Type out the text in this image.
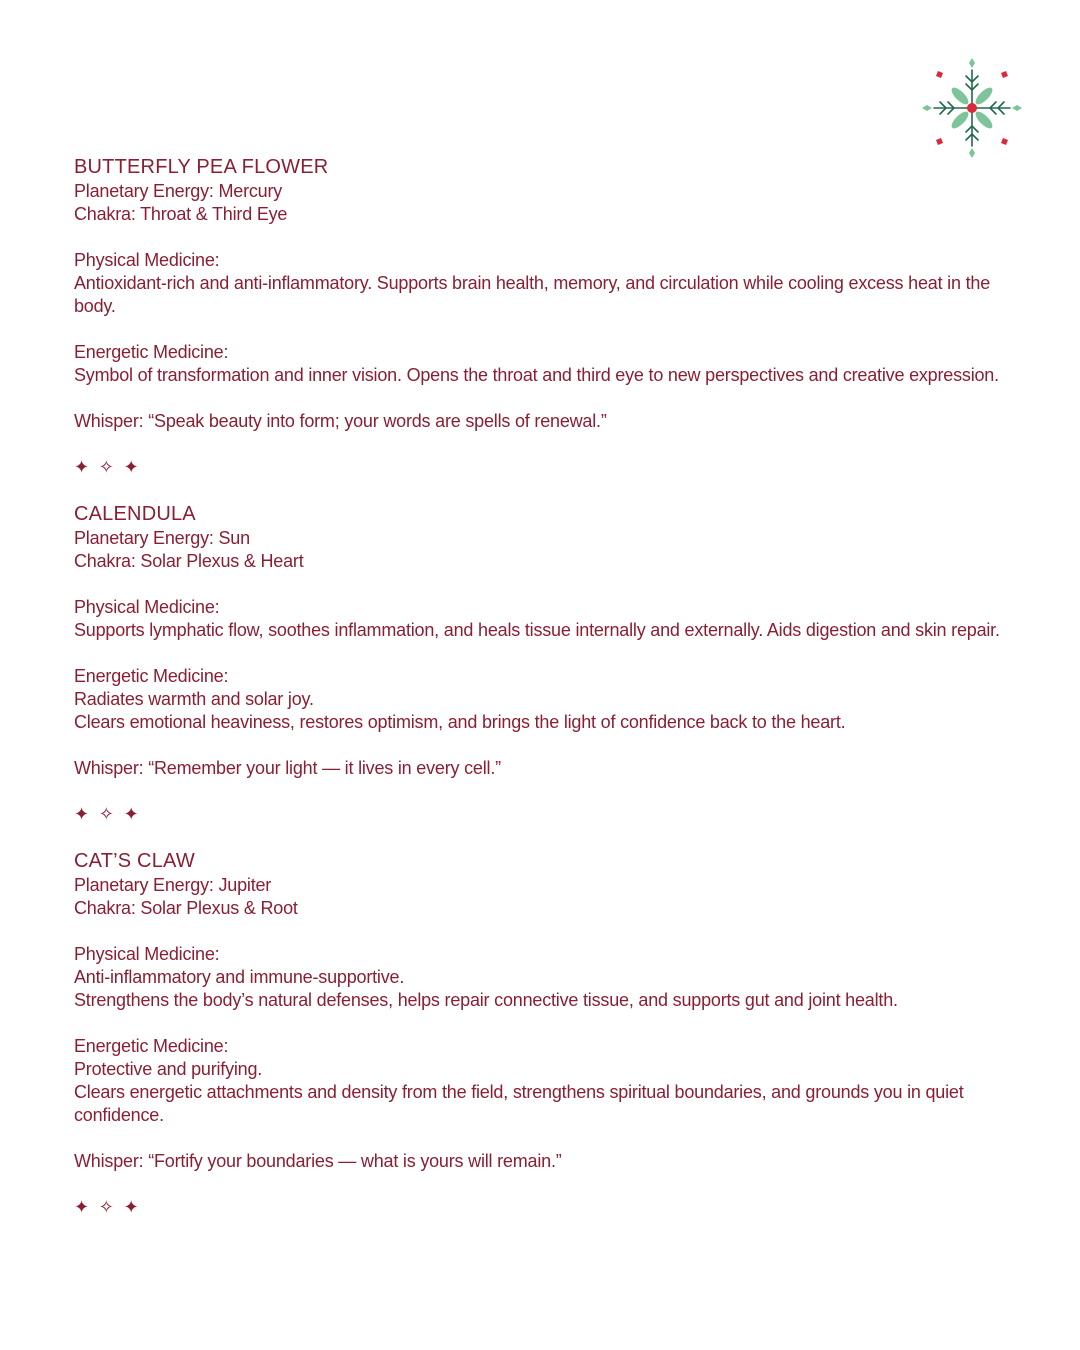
BUTTERFLY PEA FLOWER
Planetary Energy: Mercury
Chakra: Throat & Third Eye
Physical Medicine:
Antioxidant-rich and anti-inflammatory. Supports brain health, memory, and circulation while cooling excess heat in the body.
Energetic Medicine:
Symbol of transformation and inner vision. Opens the throat and third eye to new perspectives and creative expression.
Whisper: “Speak beauty into form; your words are spells of renewal.”
✦ ✧ ✦
CALENDULA
Planetary Energy: Sun
Chakra: Solar Plexus & Heart
Physical Medicine:
Supports lymphatic flow, soothes inflammation, and heals tissue internally and externally. Aids digestion and skin repair.
Energetic Medicine:
Radiates warmth and solar joy.
Clears emotional heaviness, restores optimism, and brings the light of confidence back to the heart.
Whisper: “Remember your light — it lives in every cell.”
✦ ✧ ✦
CAT’S CLAW
Planetary Energy: Jupiter
Chakra: Solar Plexus & Root
Physical Medicine:
Anti-inflammatory and immune-supportive.
Strengthens the body’s natural defenses, helps repair connective tissue, and supports gut and joint health.
Energetic Medicine:
Protective and purifying.
Clears energetic attachments and density from the field, strengthens spiritual boundaries, and grounds you in quiet confidence.
Whisper: “Fortify your boundaries — what is yours will remain.”
✦ ✧ ✦
